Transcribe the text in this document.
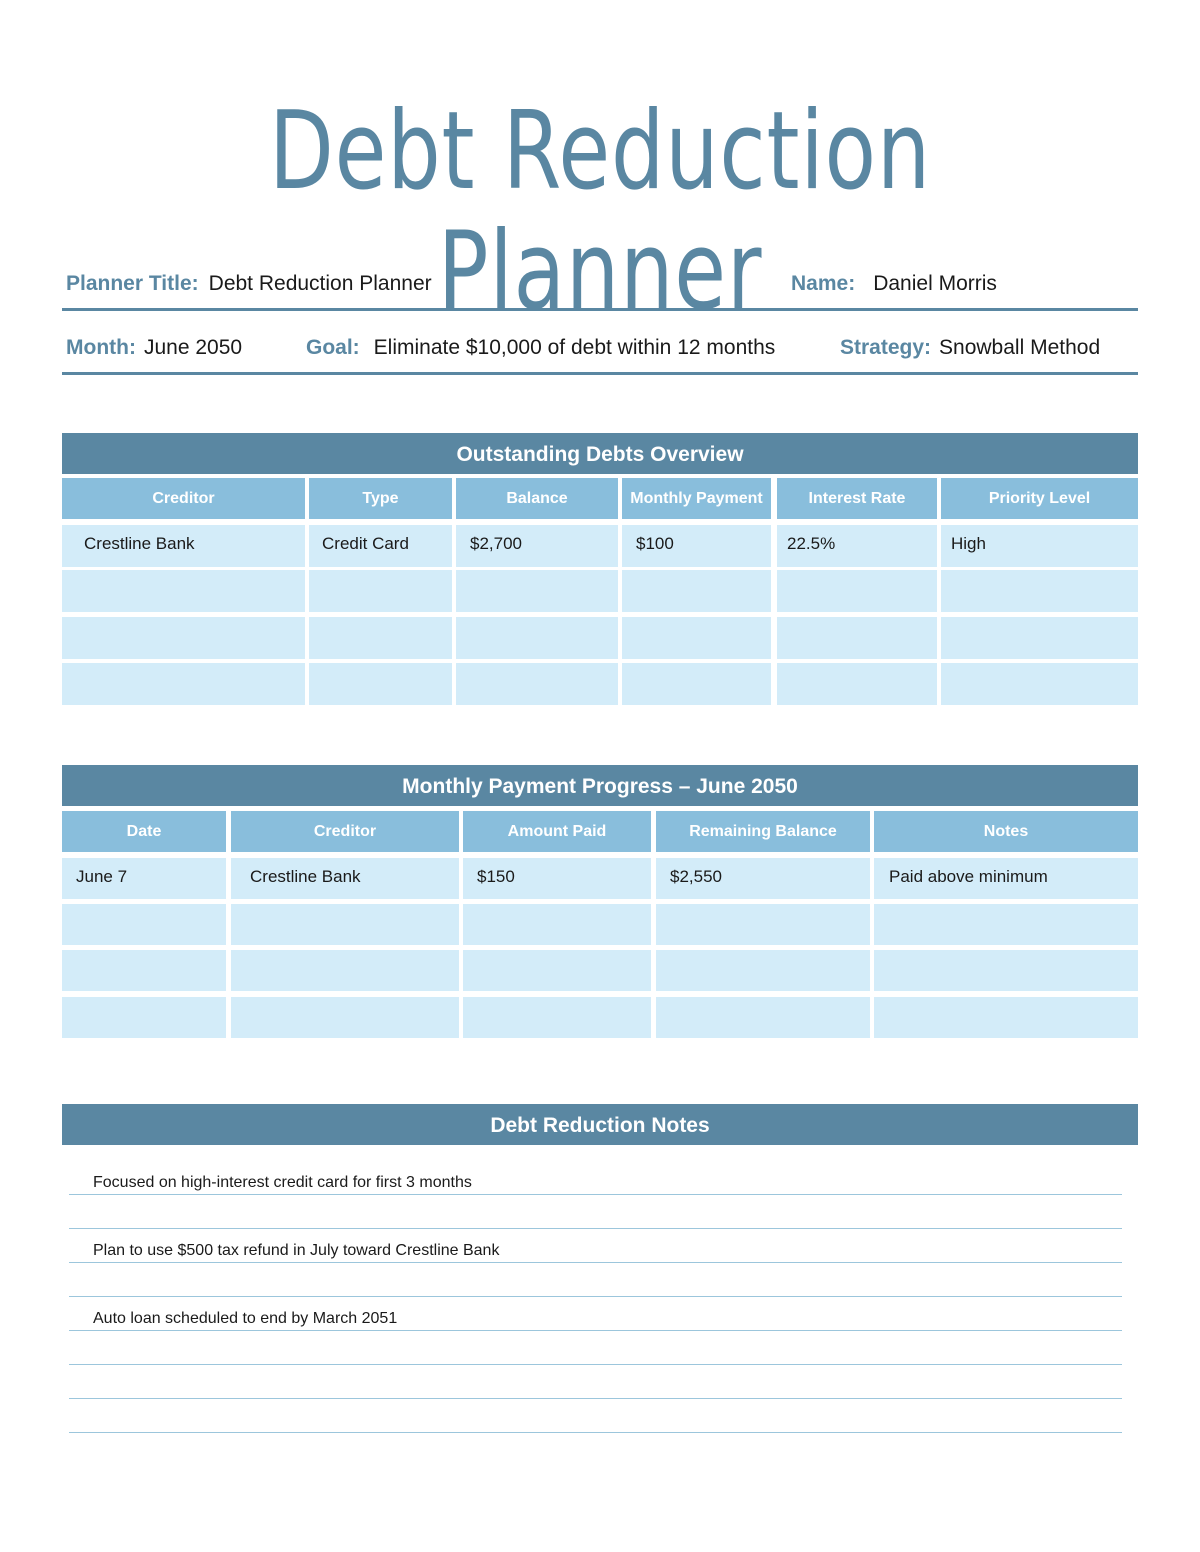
Debt Reduction Planner
Planner Title: Debt Reduction Planner	Name: Daniel Morris
Month: June 2050	Goal: Eliminate $10,000 of debt within 12 months	Strategy: Snowball Method
Outstanding Debts Overview
Creditor	Type	Balance	Monthly Payment	Interest Rate	Priority Level
Crestline Bank	Credit Card	$2,700	$100	22.5%	High
Monthly Payment Progress – June 2050
Date	Creditor	Amount Paid	Remaining Balance	Notes
June 7	Crestline Bank	$150	$2,550	Paid above minimum
Debt Reduction Notes
Focused on high-interest credit card for first 3 months
Plan to use $500 tax refund in July toward Crestline Bank
Auto loan scheduled to end by March 2051
